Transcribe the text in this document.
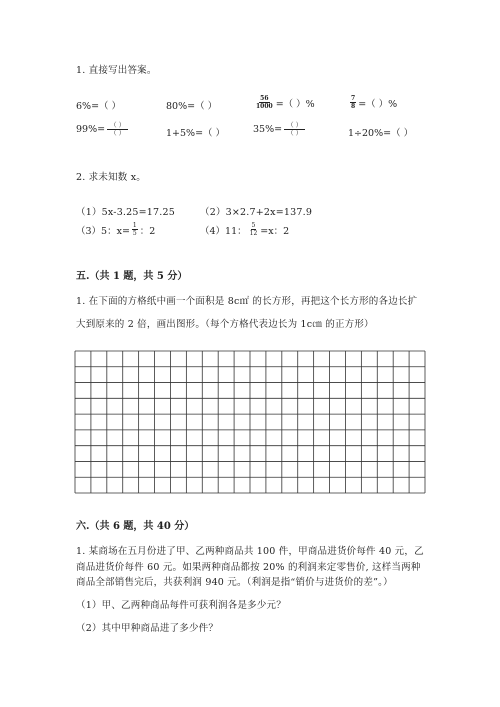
1. 直接写出答案。
6%=（ ）	80%=（ ）	$\frac{56}{1000}$ =（ ）%	$\frac{7}{8}$ =（ ）%
$99\%= \frac{( )}{( )}$	1+5%=（ ）	$35\%= \frac{( )}{( )}$	1÷20%=（ ）
2. 求未知数 x。
（1）5x-3.25=17.25	（2）3×2.7+2x=137.9
（3）5：$x= \frac{1}{5}$ ：2	（4）11： $\frac{5}{12} =x$：2
五.（共 1 题，共 5 分）
1. 在下面的方格纸中画一个面积是 8c㎡ 的长方形，再把这个长方形的各边长扩
大到原来的 2 倍，画出图形。（每个方格代表边长为 1c㎝ 的正方形）
六.（共 6 题，共 40 分）
1. 某商场在五月份进了甲、乙两种商品共 100 件，甲商品进货价每件 40 元，乙
商品进货价每件 60 元。如果两种商品都按 20% 的利润来定零售价, 这样当两种
商品全部销售完后，共获利润 940 元。（利润是指“销价与进货价的差”。）
（1）甲、乙两种商品每件可获利润各是多少元？
（2）其中甲种商品进了多少件？
